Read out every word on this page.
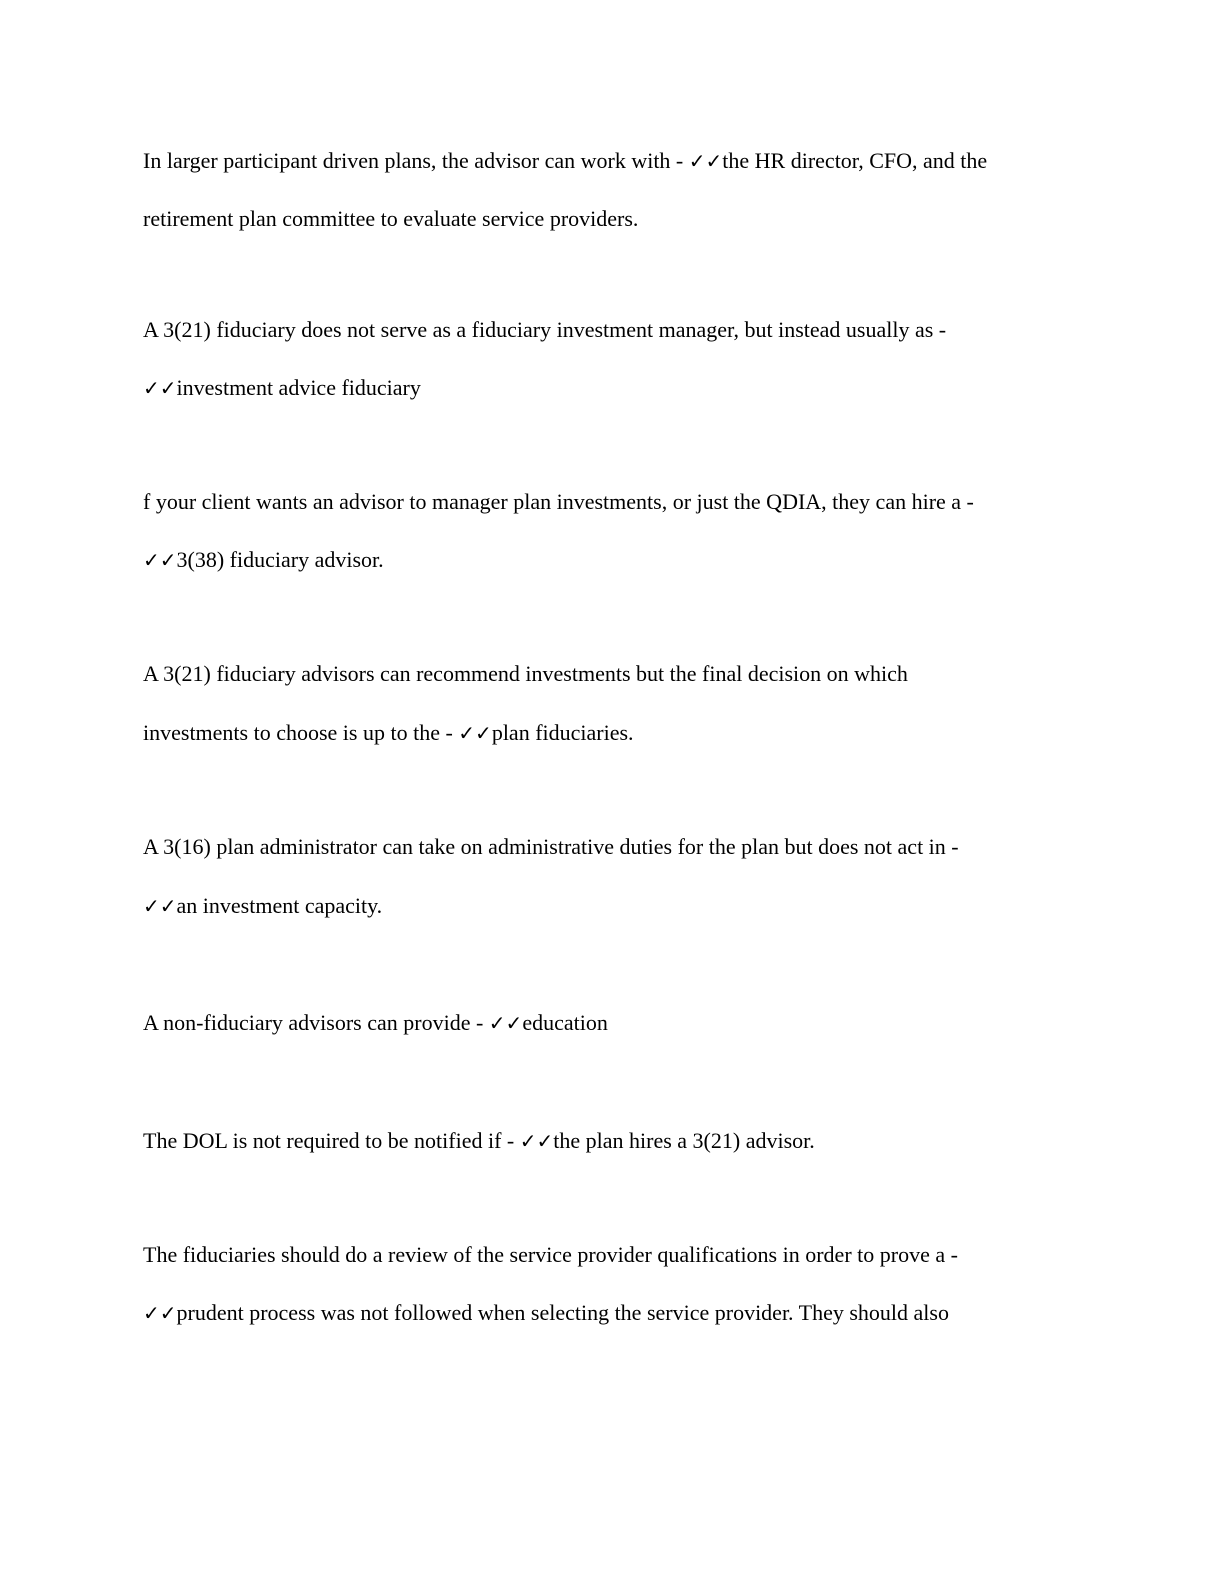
In larger participant driven plans, the advisor can work with - ✓✓the HR director, CFO, and the
retirement plan committee to evaluate service providers.
A 3(21) fiduciary does not serve as a fiduciary investment manager, but instead usually as -
✓✓investment advice fiduciary
f your client wants an advisor to manager plan investments, or just the QDIA, they can hire a -
✓✓3(38) fiduciary advisor.
A 3(21) fiduciary advisors can recommend investments but the final decision on which
investments to choose is up to the - ✓✓plan fiduciaries.
A 3(16) plan administrator can take on administrative duties for the plan but does not act in -
✓✓an investment capacity.
A non-fiduciary advisors can provide - ✓✓education
The DOL is not required to be notified if - ✓✓the plan hires a 3(21) advisor.
The fiduciaries should do a review of the service provider qualifications in order to prove a -
✓✓prudent process was not followed when selecting the service provider. They should also
